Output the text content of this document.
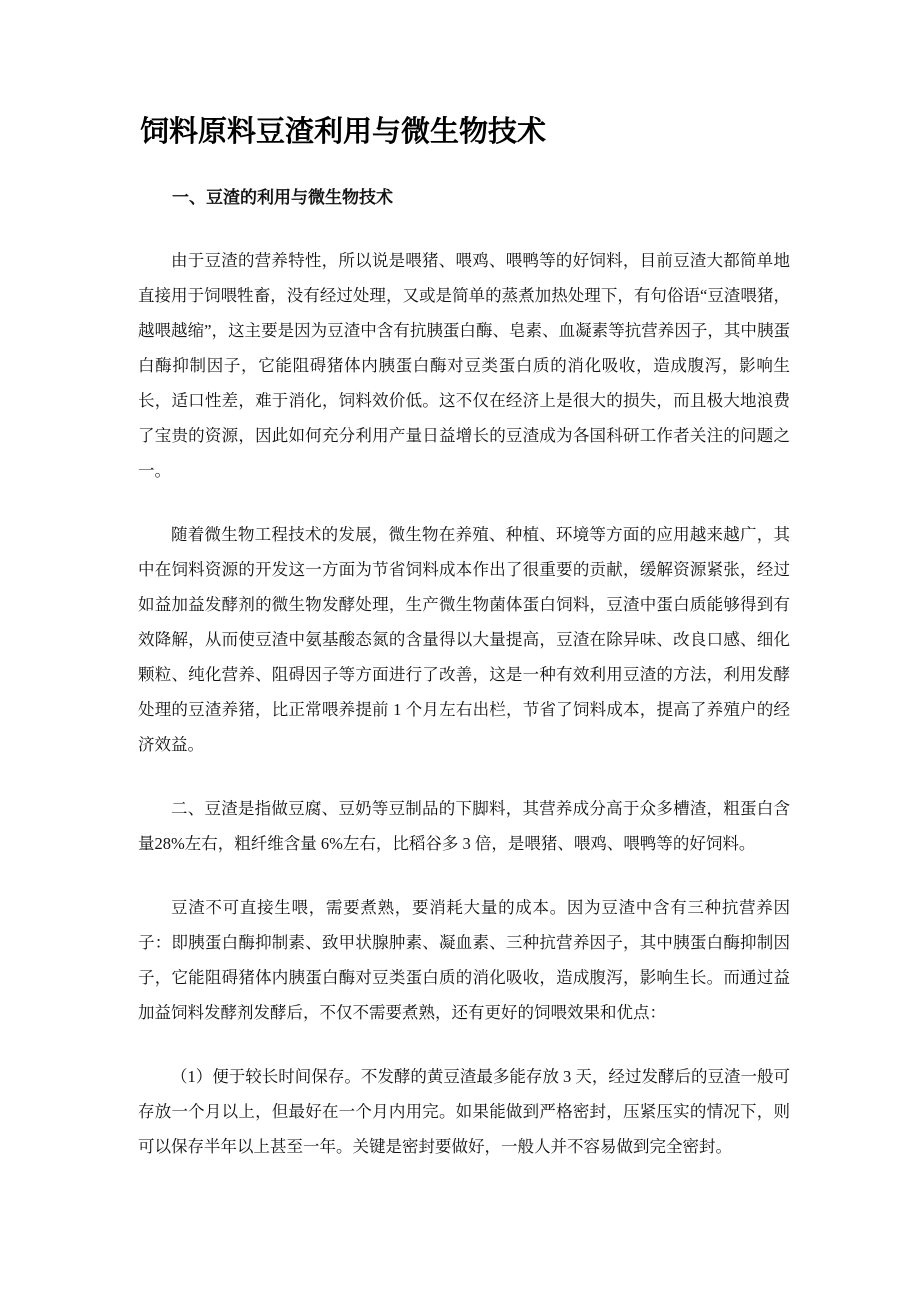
饲料原料豆渣利用与微生物技术
一、豆渣的利用与微生物技术

由于豆渣的营养特性，所以说是喂猪、喂鸡、喂鸭等的好饲料，目前豆渣大都简单地直接用于饲喂牲畜，没有经过处理，又或是简单的蒸煮加热处理下，有句俗语“豆渣喂猪，越喂越缩”，这主要是因为豆渣中含有抗胰蛋白酶、皂素、血凝素等抗营养因子，其中胰蛋白酶抑制因子，它能阻碍猪体内胰蛋白酶对豆类蛋白质的消化吸收，造成腹泻，影响生长，适口性差，难于消化，饲料效价低。这不仅在经济上是很大的损失，而且极大地浪费了宝贵的资源，因此如何充分利用产量日益增长的豆渣成为各国科研工作者关注的问题之一。

随着微生物工程技术的发展，微生物在养殖、种植、环境等方面的应用越来越广，其中在饲料资源的开发这一方面为节省饲料成本作出了很重要的贡献，缓解资源紧张，经过如益加益发酵剂的微生物发酵处理，生产微生物菌体蛋白饲料，豆渣中蛋白质能够得到有效降解，从而使豆渣中氨基酸态氮的含量得以大量提高，豆渣在除异味、改良口感、细化颗粒、纯化营养、阻碍因子等方面进行了改善，这是一种有效利用豆渣的方法，利用发酵处理的豆渣养猪，比正常喂养提前 1 个月左右出栏，节省了饲料成本，提高了养殖户的经济效益。

二、豆渣是指做豆腐、豆奶等豆制品的下脚料，其营养成分高于众多槽渣，粗蛋白含量28%左右，粗纤维含量 6%左右，比稻谷多 3 倍，是喂猪、喂鸡、喂鸭等的好饲料。

豆渣不可直接生喂，需要煮熟，要消耗大量的成本。因为豆渣中含有三种抗营养因子：即胰蛋白酶抑制素、致甲状腺肿素、凝血素、三种抗营养因子，其中胰蛋白酶抑制因子，它能阻碍猪体内胰蛋白酶对豆类蛋白质的消化吸收，造成腹泻，影响生长。而通过益加益饲料发酵剂发酵后，不仅不需要煮熟，还有更好的饲喂效果和优点：

（1）便于较长时间保存。不发酵的黄豆渣最多能存放 3 天，经过发酵后的豆渣一般可存放一个月以上，但最好在一个月内用完。如果能做到严格密封，压紧压实的情况下，则可以保存半年以上甚至一年。关键是密封要做好，一般人并不容易做到完全密封。
